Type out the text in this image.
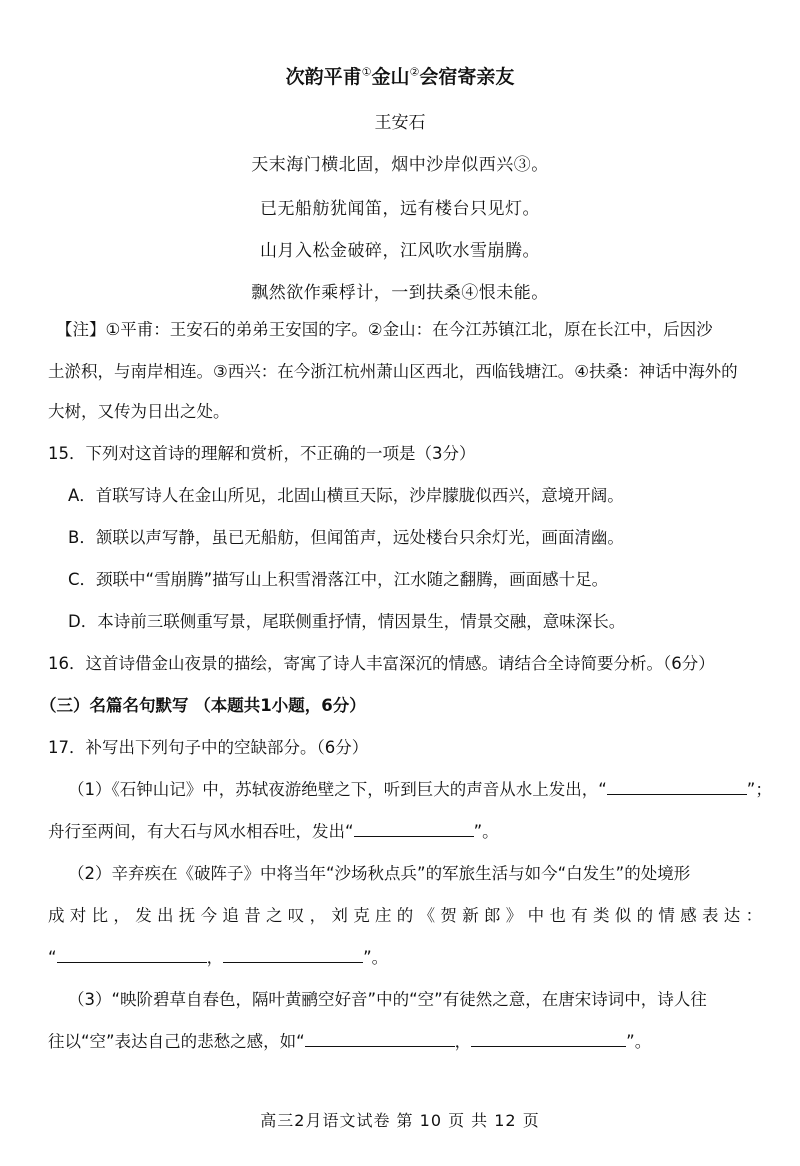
次韵平甫①金山②会宿寄亲友
王安石
天末海门横北固，烟中沙岸似西兴③。
已无船舫犹闻笛，远有楼台只见灯。
山月入松金破碎，江风吹水雪崩腾。
飘然欲作乘桴计，一到扶桑④恨未能。
【注】①平甫：王安石的弟弟王安国的字。②金山：在今江苏镇江北，原在长江中，后因沙
土淤积，与南岸相连。③西兴：在今浙江杭州萧山区西北，西临钱塘江。④扶桑：神话中海外的
大树，又传为日出之处。
15．下列对这首诗的理解和赏析，不正确的一项是（3分）
A．首联写诗人在金山所见，北固山横亘天际，沙岸朦胧似西兴，意境开阔。
B．颔联以声写静，虽已无船舫，但闻笛声，远处楼台只余灯光，画面清幽。
C．颈联中“雪崩腾”描写山上积雪滑落江中，江水随之翻腾，画面感十足。
D．本诗前三联侧重写景，尾联侧重抒情，情因景生，情景交融，意味深长。
16．这首诗借金山夜景的描绘，寄寓了诗人丰富深沉的情感。请结合全诗简要分析。（6分）
（三）名篇名句默写 （本题共1小题，6分）
17．补写出下列句子中的空缺部分。（6分）
（1）《石钟山记》中，苏轼夜游绝壁之下，听到巨大的声音从水上发出，“	”；
舟行至两间，有大石与风水相吞吐，发出“	”。
（2）辛弃疾在《破阵子》中将当年“沙场秋点兵”的军旅生活与如今“白发生”的处境形
成对比，发出抚今追昔之叹，刘克庄的《贺新郎》中也有类似的情感表达：
“	，	”。
（3）“映阶碧草自春色，隔叶黄鹂空好音”中的“空”有徒然之意，在唐宋诗词中，诗人往
往以“空”表达自己的悲愁之感，如“	，	”。
高三2月语文试卷 第 10 页 共 12 页
